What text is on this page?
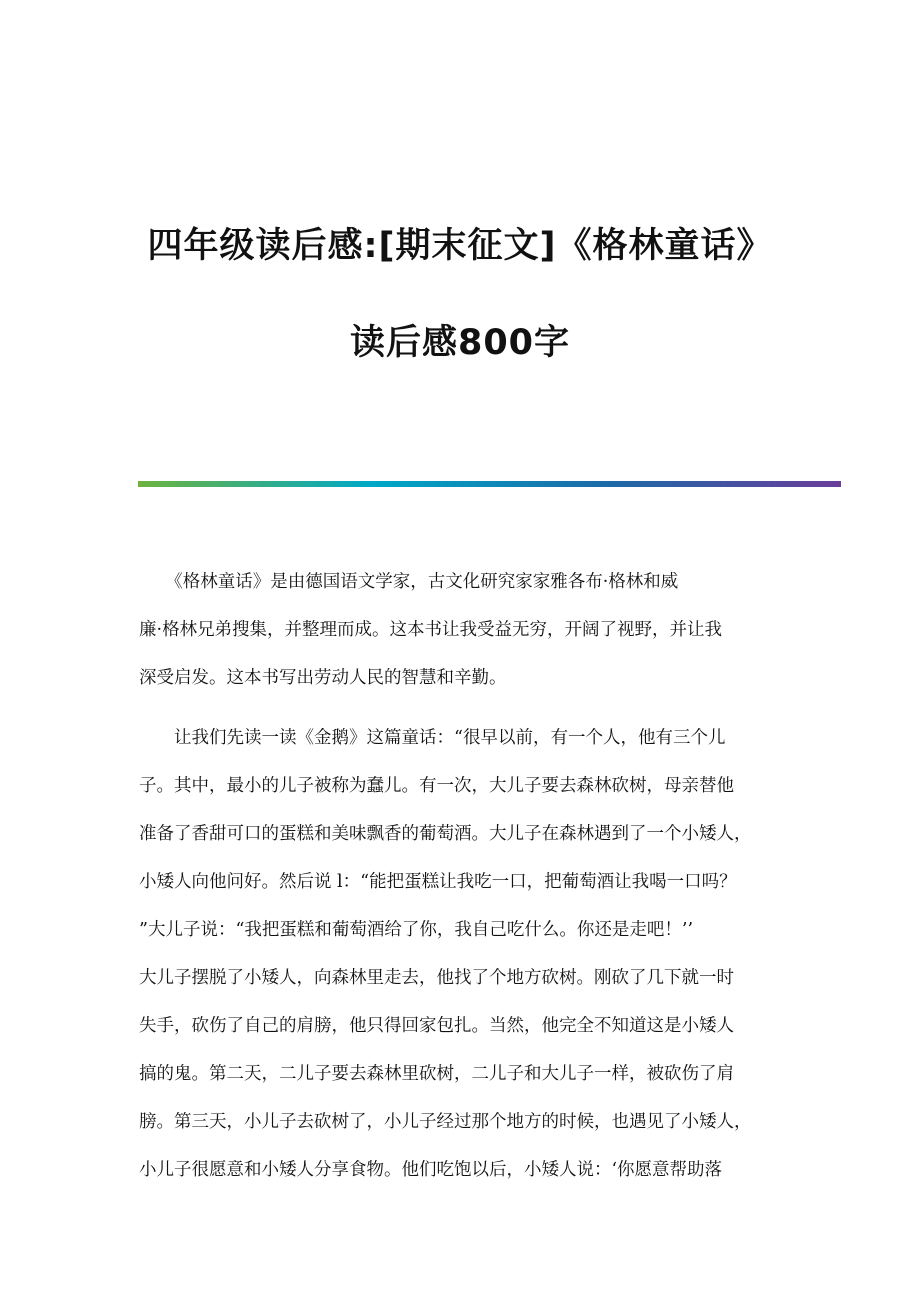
四年级读后感:[期末征文]《格林童话》
读后感800字
　　《格林童话》是由德国语文学家，古文化研究家家雅各布·格林和威
廉·格林兄弟搜集，并整理而成。这本书让我受益无穷，开阔了视野，并让我
深受启发。这本书写出劳动人民的智慧和辛勤。
　　让我们先读一读《金鹅》这篇童话：“很早以前，有一个人，他有三个儿
子。其中，最小的儿子被称为蠢儿。有一次，大儿子要去森林砍树，母亲替他
准备了香甜可口的蛋糕和美味飘香的葡萄酒。大儿子在森林遇到了一个小矮人，
小矮人向他问好。然后说 l：“能把蛋糕让我吃一口，把葡萄酒让我喝一口吗？
”大儿子说：“我把蛋糕和葡萄酒给了你，我自己吃什么。你还是走吧！’’
大儿子摆脱了小矮人，向森林里走去，他找了个地方砍树。刚砍了几下就一时
失手，砍伤了自己的肩膀，他只得回家包扎。当然，他完全不知道这是小矮人
搞的鬼。第二天，二儿子要去森林里砍树，二儿子和大儿子一样，被砍伤了肩
膀。第三天，小儿子去砍树了，小儿子经过那个地方的时候，也遇见了小矮人，
小儿子很愿意和小矮人分享食物。他们吃饱以后，小矮人说：‘你愿意帮助落
